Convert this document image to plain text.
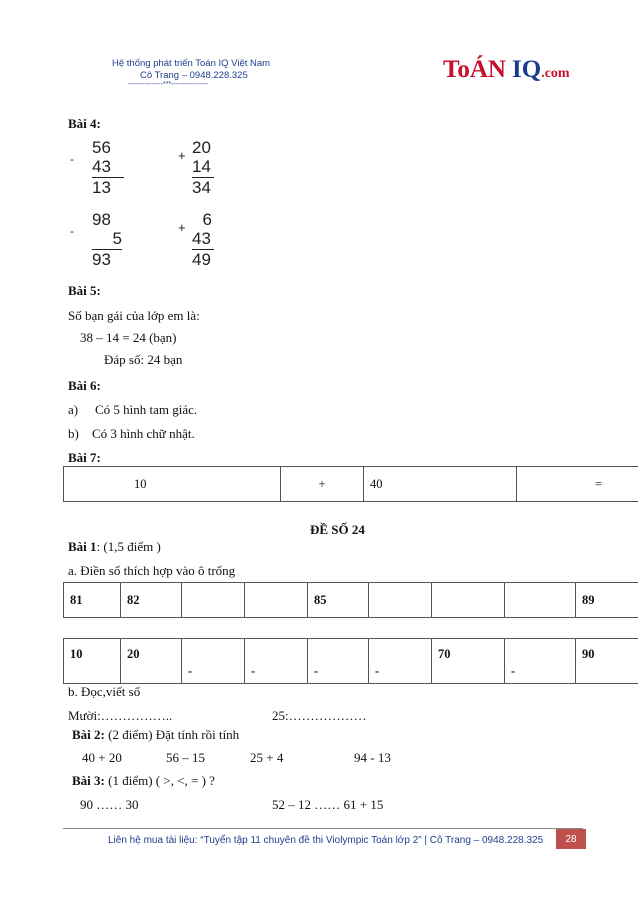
Hệ thống phát triển Toán IQ Việt Nam
Cô Trang – 0948.228.325
---------------***----------------
ToÁN IQ.com
Bài 4:
-
56
43
13
+ 20
14
34
-
98
5
93
+ 6
43
49
Bài 5:
Số bạn gái của lớp em là:
38 – 14 = 24 (bạn)
Đáp số: 24 bạn
Bài 6:
a) Có 5 hình tam giác.
b) Có 3 hình chữ nhật.
Bài 7:
10	+	40	=
ĐỀ SỐ 24
Bài 1: (1,5 điểm )
a. Điền số thích hợp vào ô trống
81	82			85				89
10	20	-	-	-	-	70	-	90
b. Đọc,viết số
Mười:……………..	25:………………
Bài 2: (2 điểm) Đặt tính rồi tính
40 + 20	56 – 15	25 + 4	94 - 13
Bài 3: (1 điểm) ( >, <, = ) ?
90 …… 30	52 – 12 …… 61 + 15
Liên hệ mua tài liệu: “Tuyển tập 11 chuyên đề thi Violympic Toán lớp 2” | Cô Trang – 0948.228.325	28
